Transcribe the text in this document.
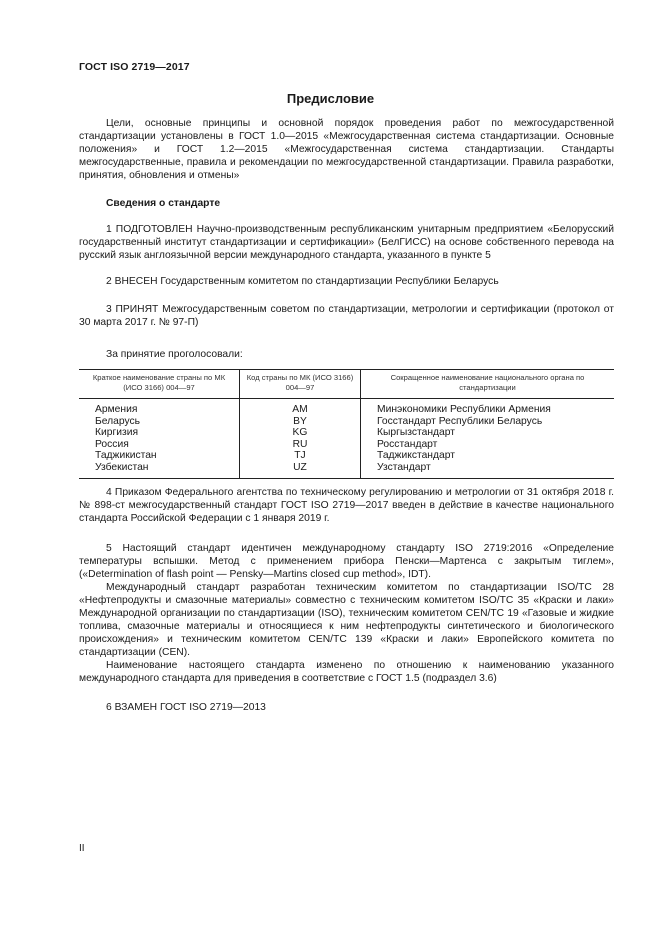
ГОСТ ISO 2719—2017
Предисловие

Цели, основные принципы и основной порядок проведения работ по межгосударственной стандартизации установлены в ГОСТ 1.0—2015 «Межгосударственная система стандартизации. Основные положения» и ГОСТ 1.2—2015 «Межгосударственная система стандартизации. Стандарты межгосударственные, правила и рекомендации по межгосударственной стандартизации. Правила разработки, принятия, обновления и отмены»

Сведения о стандарте

1 ПОДГОТОВЛЕН Научно-производственным республиканским унитарным предприятием «Белорусский государственный институт стандартизации и сертификации» (БелГИСС) на основе собственного перевода на русский язык англоязычной версии международного стандарта, указанного в пункте 5

2 ВНЕСЕН Государственным комитетом по стандартизации Республики Беларусь

3 ПРИНЯТ Межгосударственным советом по стандартизации, метрологии и сертификации (протокол от 30 марта 2017 г. № 97-П)

За принятие проголосовали:
Краткое наименование страны по МК (ИСО 3166) 004—97	Код страны по МК (ИСО 3166) 004—97	Сокращенное наименование национального органа по стандартизации
Армения	AM	Минэкономики Республики Армения
Беларусь	BY	Госстандарт Республики Беларусь
Киргизия	KG	Кыргызстандарт
Россия	RU	Росстандарт
Таджикистан	TJ	Таджикстандарт
Узбекистан	UZ	Узстандарт

4 Приказом Федерального агентства по техническому регулированию и метрологии от 31 октября 2018 г. № 898-ст межгосударственный стандарт ГОСТ ISO 2719—2017 введен в действие в качестве национального стандарта Российской Федерации с 1 января 2019 г.

5 Настоящий стандарт идентичен международному стандарту ISO 2719:2016 «Определение температуры вспышки. Метод с применением прибора Пенски—Мартенса с закрытым тиглем», («Determination of flash point — Pensky—Martins closed cup method», IDT).

Международный стандарт разработан техническим комитетом по стандартизации ISO/TC 28 «Нефтепродукты и смазочные материалы» совместно с техническим комитетом ISO/TC 35 «Краски и лаки» Международной организации по стандартизации (ISO), техническим комитетом CEN/TC 19 «Газовые и жидкие топлива, смазочные материалы и относящиеся к ним нефтепродукты синтетического и биологического происхождения» и техническим комитетом CEN/TC 139 «Краски и лаки» Европейского комитета по стандартизации (CEN).

Наименование настоящего стандарта изменено по отношению к наименованию указанного международного стандарта для приведения в соответствие с ГОСТ 1.5 (подраздел 3.6)

6 ВЗАМЕН ГОСТ ISO 2719—2013

II
